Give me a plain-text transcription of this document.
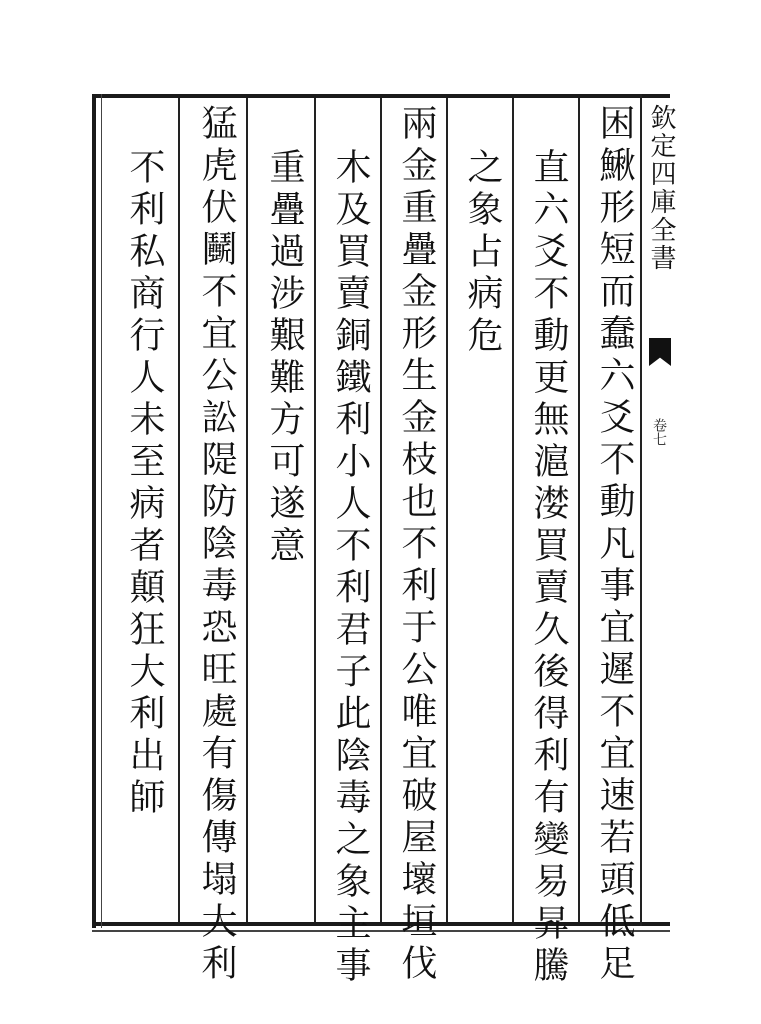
欽定四庫全書
卷七
困鰍形短而蠢六爻不動凡事宜遲不宜速若頭低足
直六爻不動更無滬漤買賣久後得利有變易昇騰
之象占病危
兩金重疊金形生金枝也不利于公唯宜破屋壞垣伐
木及買賣銅鐵利小人不利君子此陰毒之象主事
重疊過涉艱難方可遂意
猛虎伏鬭不宜公訟隄防陰毒恐旺處有傷傳塌大利
不利私商行人未至病者顛狂大利出師
